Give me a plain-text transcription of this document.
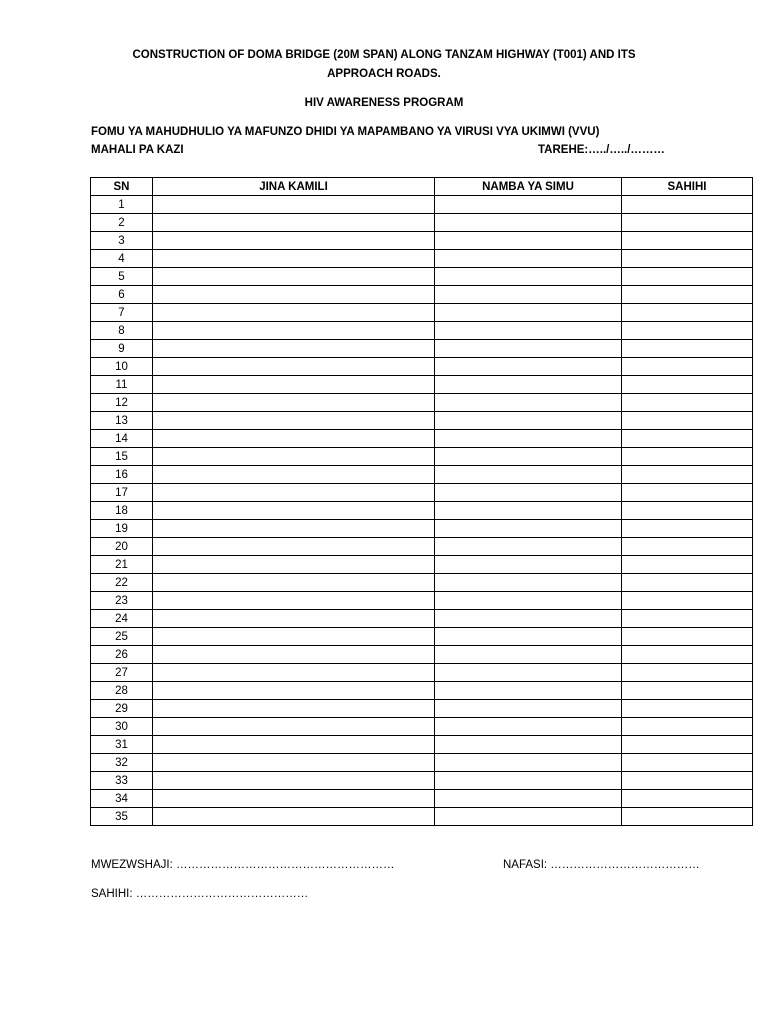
CONSTRUCTION OF DOMA BRIDGE (20M SPAN) ALONG TANZAM HIGHWAY (T001) AND ITS
APPROACH ROADS.
HIV AWARENESS PROGRAM
FOMU YA MAHUDHULIO YA MAFUNZO DHIDI YA MAPAMBANO YA VIRUSI VYA UKIMWI (VVU)
MAHALI PA KAZI	TAREHE:…../…../………
SN	JINA KAMILI	NAMBA YA SIMU	SAHIHI
1			
2			
3			
4			
5			
6			
7			
8			
9			
10			
11			
12			
13			
14			
15			
16			
17			
18			
19			
20			
21			
22			
23			
24			
25			
26			
27			
28			
29			
30			
31			
32			
33			
34			
35			
MWEZWSHAJI: …………………………………………………	NAFASI: …………………………………
SAHIHI: ………………………………………
